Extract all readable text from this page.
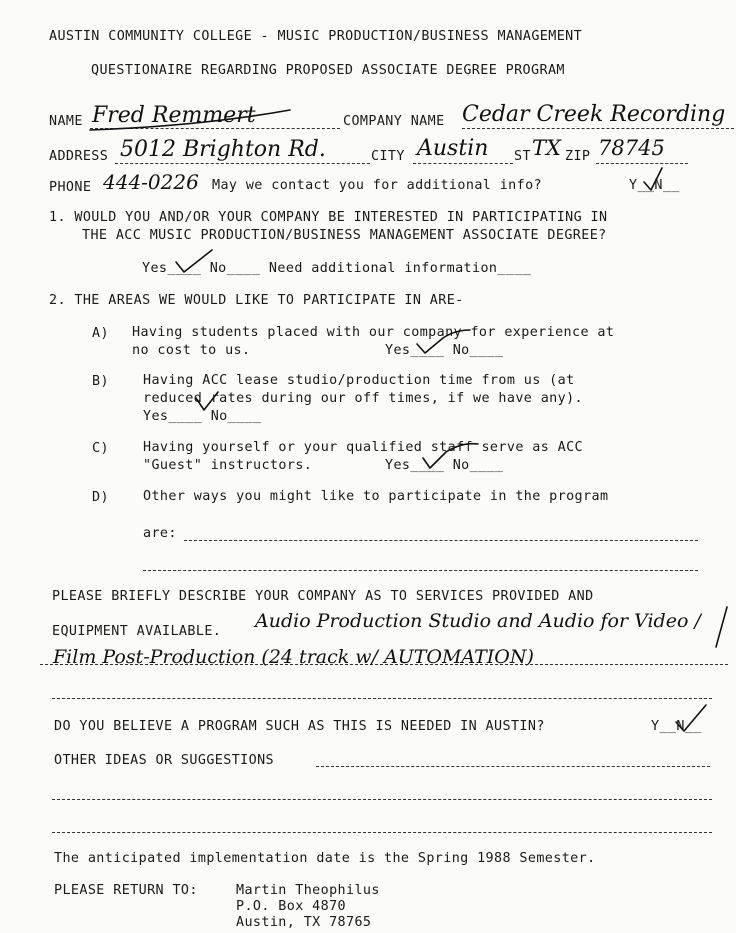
AUSTIN COMMUNITY COLLEGE - MUSIC PRODUCTION/BUSINESS MANAGEMENT
QUESTIONAIRE REGARDING PROPOSED ASSOCIATE DEGREE PROGRAM
NAME Fred Remmert	COMPANY NAME Cedar Creek Recording
ADDRESS 5012 Brighton Rd.	CITY Austin ST TX ZIP 78745
PHONE 444-0226 May we contact you for additional info?	Y__N__
1. WOULD YOU AND/OR YOUR COMPANY BE INTERESTED IN PARTICIPATING IN
THE ACC MUSIC PRODUCTION/BUSINESS MANAGEMENT ASSOCIATE DEGREE?
Yes____ No____ Need additional information____
2. THE AREAS WE WOULD LIKE TO PARTICIPATE IN ARE-
A) Having students placed with our company for experience at
no cost to us.	Yes____ No____
B)	Having ACC lease studio/production time from us (at
reduced rates during our off times, if we have any).
Yes____ No____
C)	Having yourself or your qualified staff serve as ACC
"Guest" instructors.	Yes____ No____
D)	Other ways you might like to participate in the program
are:
PLEASE BRIEFLY DESCRIBE YOUR COMPANY AS TO SERVICES PROVIDED AND
EQUIPMENT AVAILABLE. Audio Production Studio and Audio for Video /
Film Post-Production (24 track w/ AUTOMATION)
DO YOU BELIEVE A PROGRAM SUCH AS THIS IS NEEDED IN AUSTIN?	Y__N__
OTHER IDEAS OR SUGGESTIONS
The anticipated implementation date is the Spring 1988 Semester.
PLEASE RETURN TO:	Martin Theophilus
P.O. Box 4870
Austin, TX 78765
